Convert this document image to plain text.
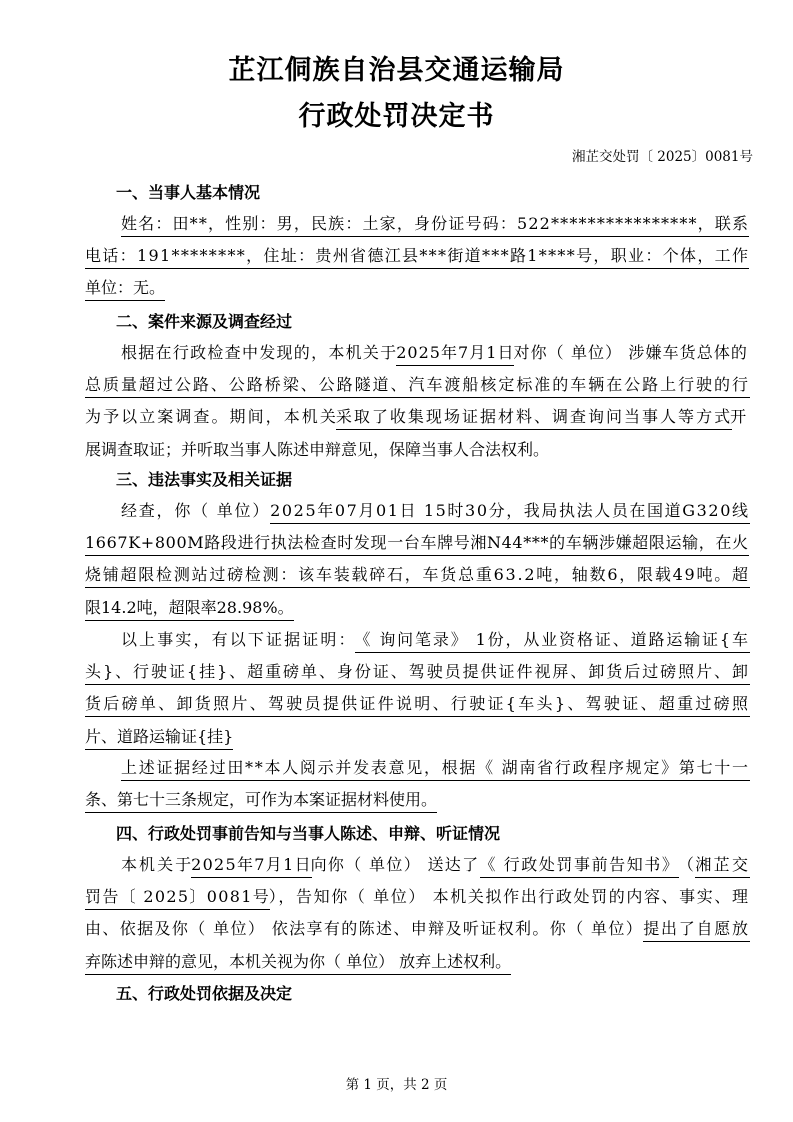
芷江侗族自治县交通运输局
行政处罚决定书
湘芷交处罚〔 2025〕0081号
一、当事人基本情况
二、案件来源及调查经过
三、违法事实及相关证据
四、行政处罚事前告知与当事人陈述、申辩、听证情况
五、行政处罚依据及决定
姓名：田**，性别：男，民族：土家，身份证号码：522****************，联系
电话：191********，住址：贵州省德江县***街道***路1****号，职业：个体，工作
单位：无。
根据在行政检查中发现的，本机关于
2025年7月1日 对你（ 单位） 涉嫌车货总体的
总质量超过公路、公路桥梁、公路隧道、汽车渡船核定标准的车辆在公路上行驶的行
为予以立案调查。期间，本机关
采取了收集现场证据材料、调查询问当事人等方式
开
展调查取证；并听取当事人陈述申辩意见，保障当事人合法权利。
经查，你（ 单位） 2025年07月01日 15时30分，我局执法人员在国道G320线
1667K+800M路段进行执法检查时发现一台车牌号湘N44***的车辆涉嫌超限运输，在火
烧铺超限检测站过磅检测：该车装载碎石，车货总重63.2吨，轴数6，限载49吨。超
限14.2吨，超限率28.98%。
以上事实，有以下证据证明：
《 询问笔录》 1份，从业资格证、道路运输证{车
头}、行驶证{挂}、超重磅单、身份证、驾驶员提供证件视屏、卸货后过磅照片、卸
货后磅单、卸货照片、驾驶员提供证件说明、行驶证{车头}、驾驶证、超重过磅照
片、道路运输证{挂}
上述证据经过田**本人阅示并发表意见，根据《 湖南省行政程序规定》第七十一
条、第七十三条规定，可作为本案证据材料使用。
本机关于
2025年7月1日
向你（ 单位） 送达了 《 行政处罚事前告知书》
（ 湘芷交
罚告〔 2025〕0081号
），告知你（ 单位） 本机关拟作出行政处罚的内容、事实、理
由、依据及你（ 单位） 依法享有的陈述、申辩及听证权利。你（ 单位） 提出了自愿放
弃陈述申辩的意见，本机关视为你（ 单位） 放弃上述权利。
第 1 页，共 2 页
